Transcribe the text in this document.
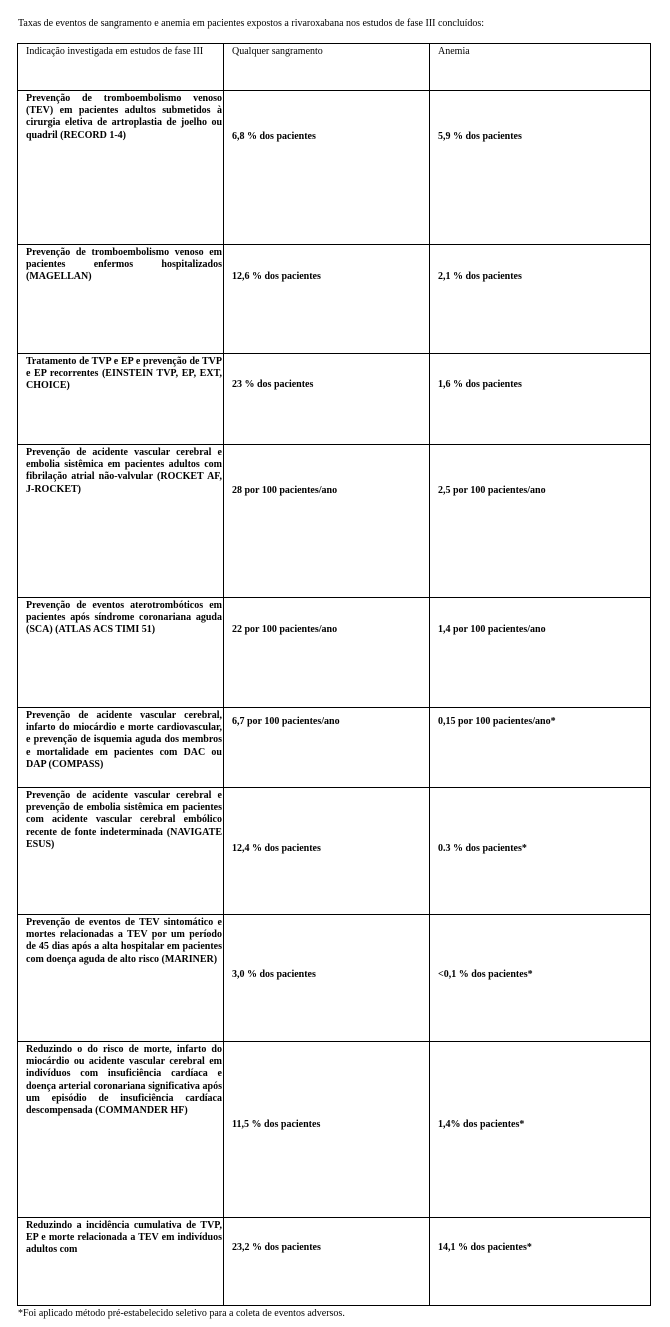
Taxas de eventos de sangramento e anemia em pacientes expostos a rivaroxabana nos estudos de fase III concluídos:
Indicação investigada em estudos de fase III	Qualquer sangramento	Anemia

Prevenção de tromboembolismo venoso (TEV) em pacientes adultos submetidos à cirurgia eletiva de artroplastia de joelho ou quadril (RECORD 1-4)	6,8 % dos pacientes	5,9 % dos pacientes

Prevenção de tromboembolismo venoso em pacientes enfermos hospitalizados (MAGELLAN)	12,6 % dos pacientes	2,1 % dos pacientes

Tratamento de TVP e EP e prevenção de TVP e EP recorrentes (EINSTEIN TVP, EP, EXT, CHOICE)	23 % dos pacientes	1,6 % dos pacientes

Prevenção de acidente vascular cerebral e embolia sistêmica em pacientes adultos com fibrilação atrial não-valvular (ROCKET AF, J-ROCKET)	28 por 100 pacientes/ano	2,5 por 100 pacientes/ano

Prevenção de eventos aterotrombóticos em pacientes após síndrome coronariana aguda (SCA) (ATLAS ACS TIMI 51)	22 por 100 pacientes/ano	1,4 por 100 pacientes/ano

Prevenção de acidente vascular cerebral, infarto do miocárdio e morte cardiovascular, e prevenção de isquemia aguda dos membros e mortalidade em pacientes com DAC ou DAP (COMPASS)	6,7 por 100 pacientes/ano	0,15 por 100 pacientes/ano*

Prevenção de acidente vascular cerebral e prevenção de embolia sistêmica em pacientes com acidente vascular cerebral embólico recente de fonte indeterminada (NAVIGATE ESUS)	12,4 % dos pacientes	0.3 % dos pacientes*

Prevenção de eventos de TEV sintomático e mortes relacionadas a TEV por um período de 45 dias após a alta hospitalar em pacientes com doença aguda de alto risco (MARINER)	3,0 % dos pacientes	<0,1 % dos pacientes*

Reduzindo o do risco de morte, infarto do miocárdio ou acidente vascular cerebral em indivíduos com insuficiência cardíaca e doença arterial coronariana significativa após um episódio de insuficiência cardíaca descompensada (COMMANDER HF)	11,5 % dos pacientes	1,4% dos pacientes*

Reduzindo a incidência cumulativa de TVP, EP e morte relacionada a TEV em indivíduos adultos com	23,2 % dos pacientes	14,1 % dos pacientes*
*Foi aplicado método pré-estabelecido seletivo para a coleta de eventos adversos.
